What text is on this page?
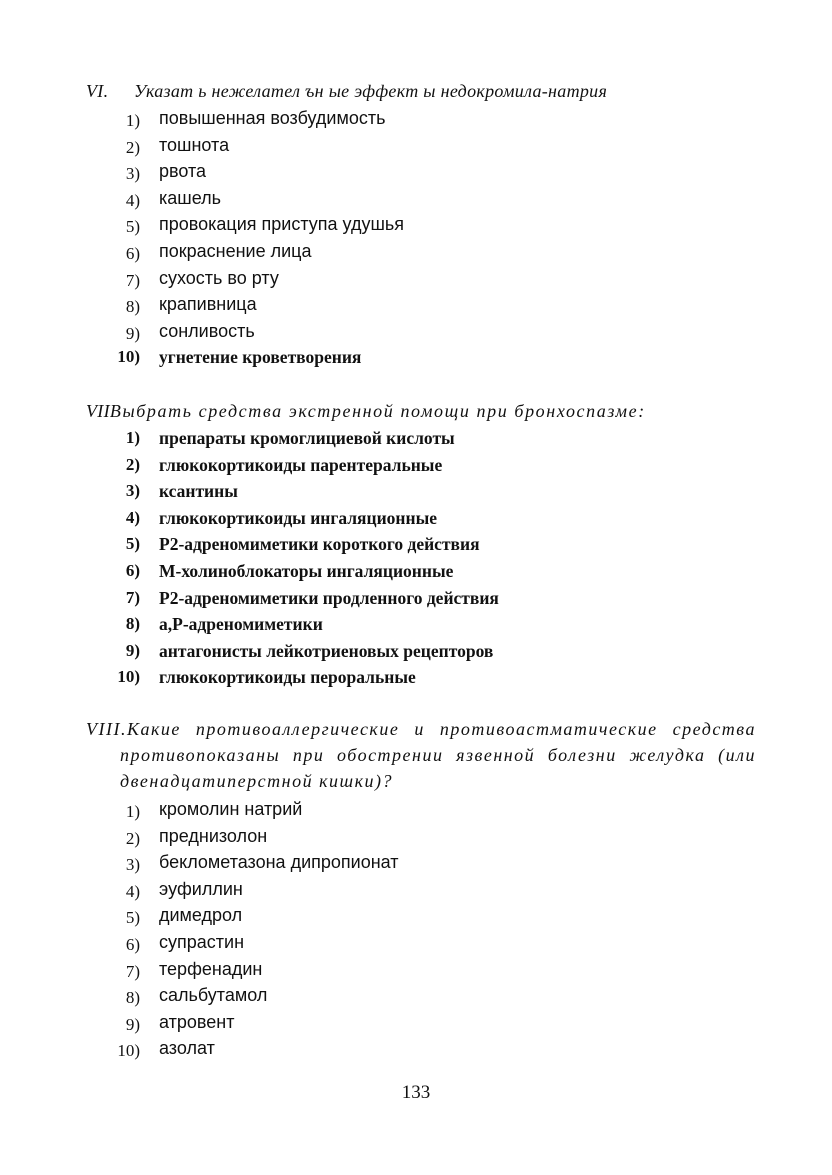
VI. Указат ь нежелател ън ые эффект ы недокромила-натрия
1) повышенная возбудимость
2) тошнота
3) рвота
4) кашель
5) провокация приступа удушья
6) покраснение лица
7) сухость во рту
8) крапивница
9) сонливость
10) угнетение кроветворения
VIIВыбрать средства экстренной помощи при бронхоспазме:
1) препараты кромоглициевой кислоты
2) глюкокортикоиды парентеральные
3) ксантины
4) глюкокортикоиды ингаляционные
5) Р2-адреномиметики короткого действия
6) М-холиноблокаторы ингаляционные
7) Р2-адреномиметики продленного действия
8) а,Р-адреномиметики
9) антагонисты лейкотриеновых рецепторов
10) глюкокортикоиды пероральные
VIII.Какие противоаллергические и противоастматические средства противопоказаны при обострении язвенной болезни желудка (или двенадцатиперстной кишки)?
1) кромолин натрий
2) преднизолон
3) беклометазона дипропионат
4) эуфиллин
5) димедрол
6) супрастин
7) терфенадин
8) сальбутамол
9) атровент
10) азолат
133
